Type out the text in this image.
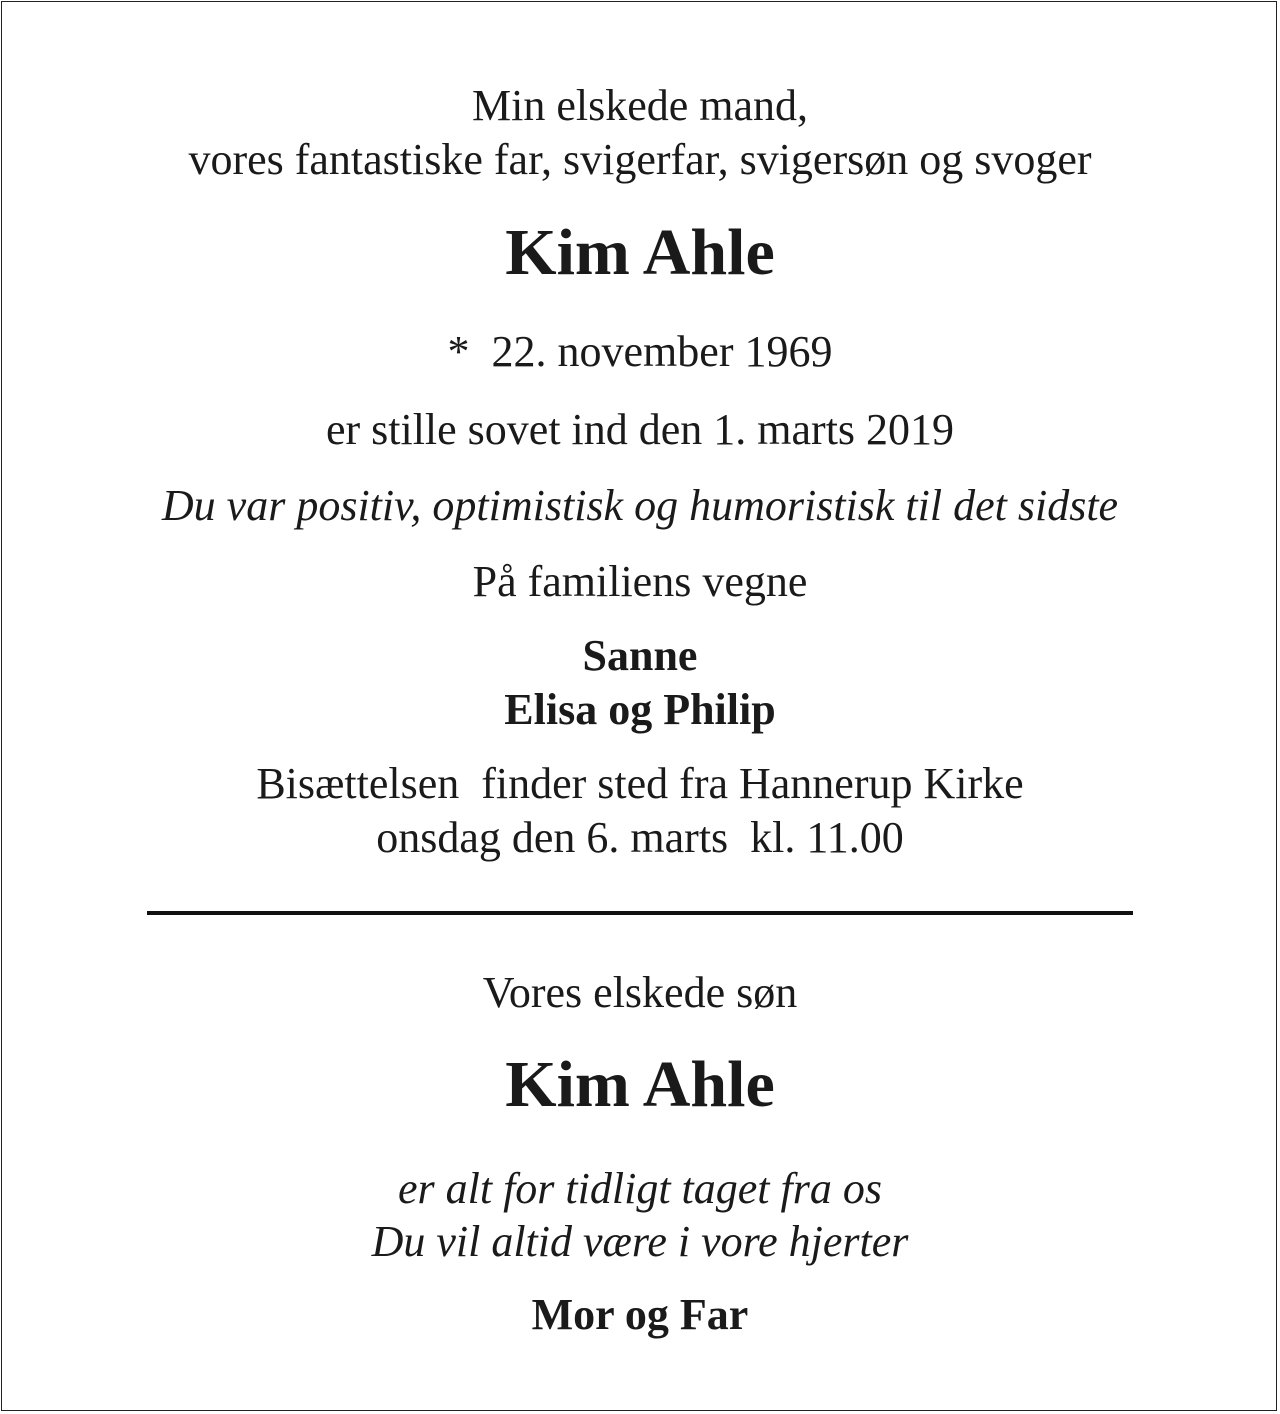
Min elskede mand,
vores fantastiske far, svigerfar, svigersøn og svoger
Kim Ahle
*  22. november 1969
er stille sovet ind den 1. marts 2019
Du var positiv, optimistisk og humoristisk til det sidste
På familiens vegne
Sanne
Elisa og Philip
Bisættelsen  finder sted fra Hannerup Kirke
onsdag den 6. marts  kl. 11.00
Vores elskede søn
Kim Ahle
er alt for tidligt taget fra os
Du vil altid være i vore hjerter
Mor og Far
